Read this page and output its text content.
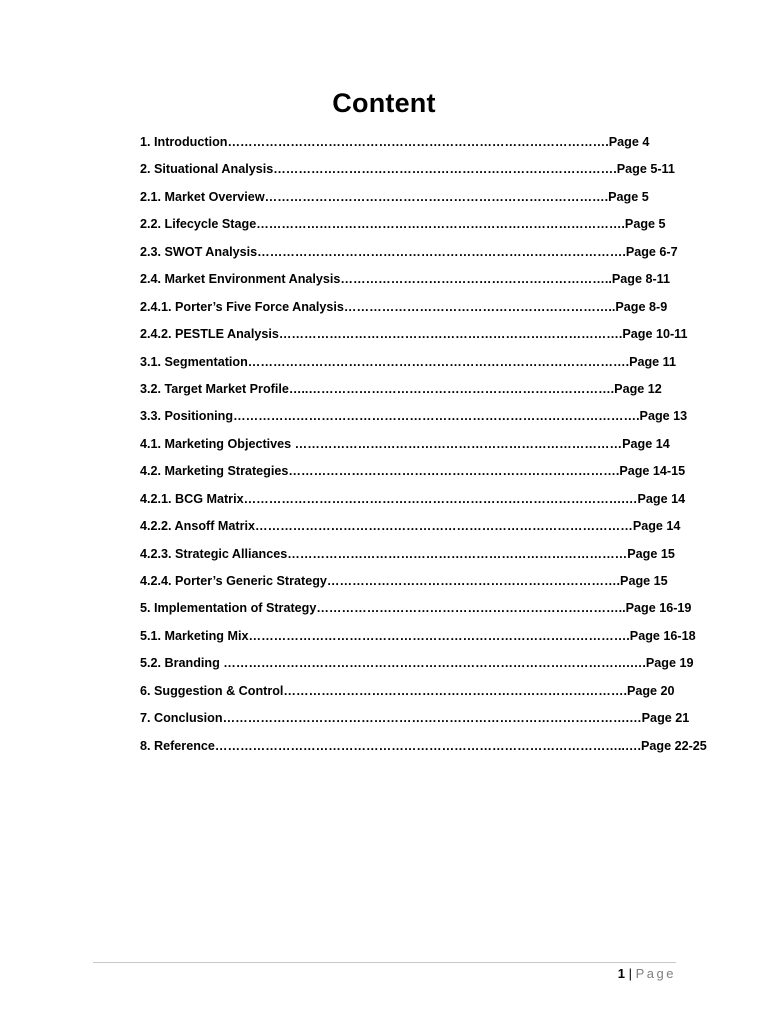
Content
1. Introduction……………………………………………………………………………….Page 4
2. Situational Analysis……………………………………………………………………….Page 5-11
2.1. Market Overview……………………………………………………………………….Page 5
2.2. Lifecycle Stage…………………………………………………………………………….Page 5
2.3. SWOT Analysis…………………………………………………………………………….Page 6-7
2.4. Market Environment Analysis………………………………………………………..Page 8-11
2.4.1. Porter’s Five Force Analysis………………………………………………………..Page 8-9
2.4.2. PESTLE Analysis……………………………………………………………………….Page 10-11
3.1. Segmentation……………………………………………………………………………….Page 11
3.2. Target Market Profile…..……………………………………………………………….Page 12
3.3. Positioning…………………………………………………………………………………….Page 13
4.1. Marketing Objectives ……………………………………………………………………Page 14
4.2. Marketing Strategies…………………………………………………………………….Page 14-15
4.2.1. BCG Matrix……………………………………………………………………………….…Page 14
4.2.2. Ansoff Matrix………………………………………………………………………………Page 14
4.2.3. Strategic Alliances………………………………………………………………………Page 15
4.2.4. Porter’s Generic Strategy…………………………………………………………….Page 15
5. Implementation of Strategy………………………………………………………………..Page 16-19
5.1. Marketing Mix……………………………………………………………………………….Page 16-18
5.2. Branding …………………………………………………………………………………….….Page 19
6. Suggestion & Control……………………………………………………………………….Page 20
7. Conclusion…………………………………………………………………………………….…Page 21
8. Reference……………………………………………………………………………………..….Page 22-25
1 | Page
